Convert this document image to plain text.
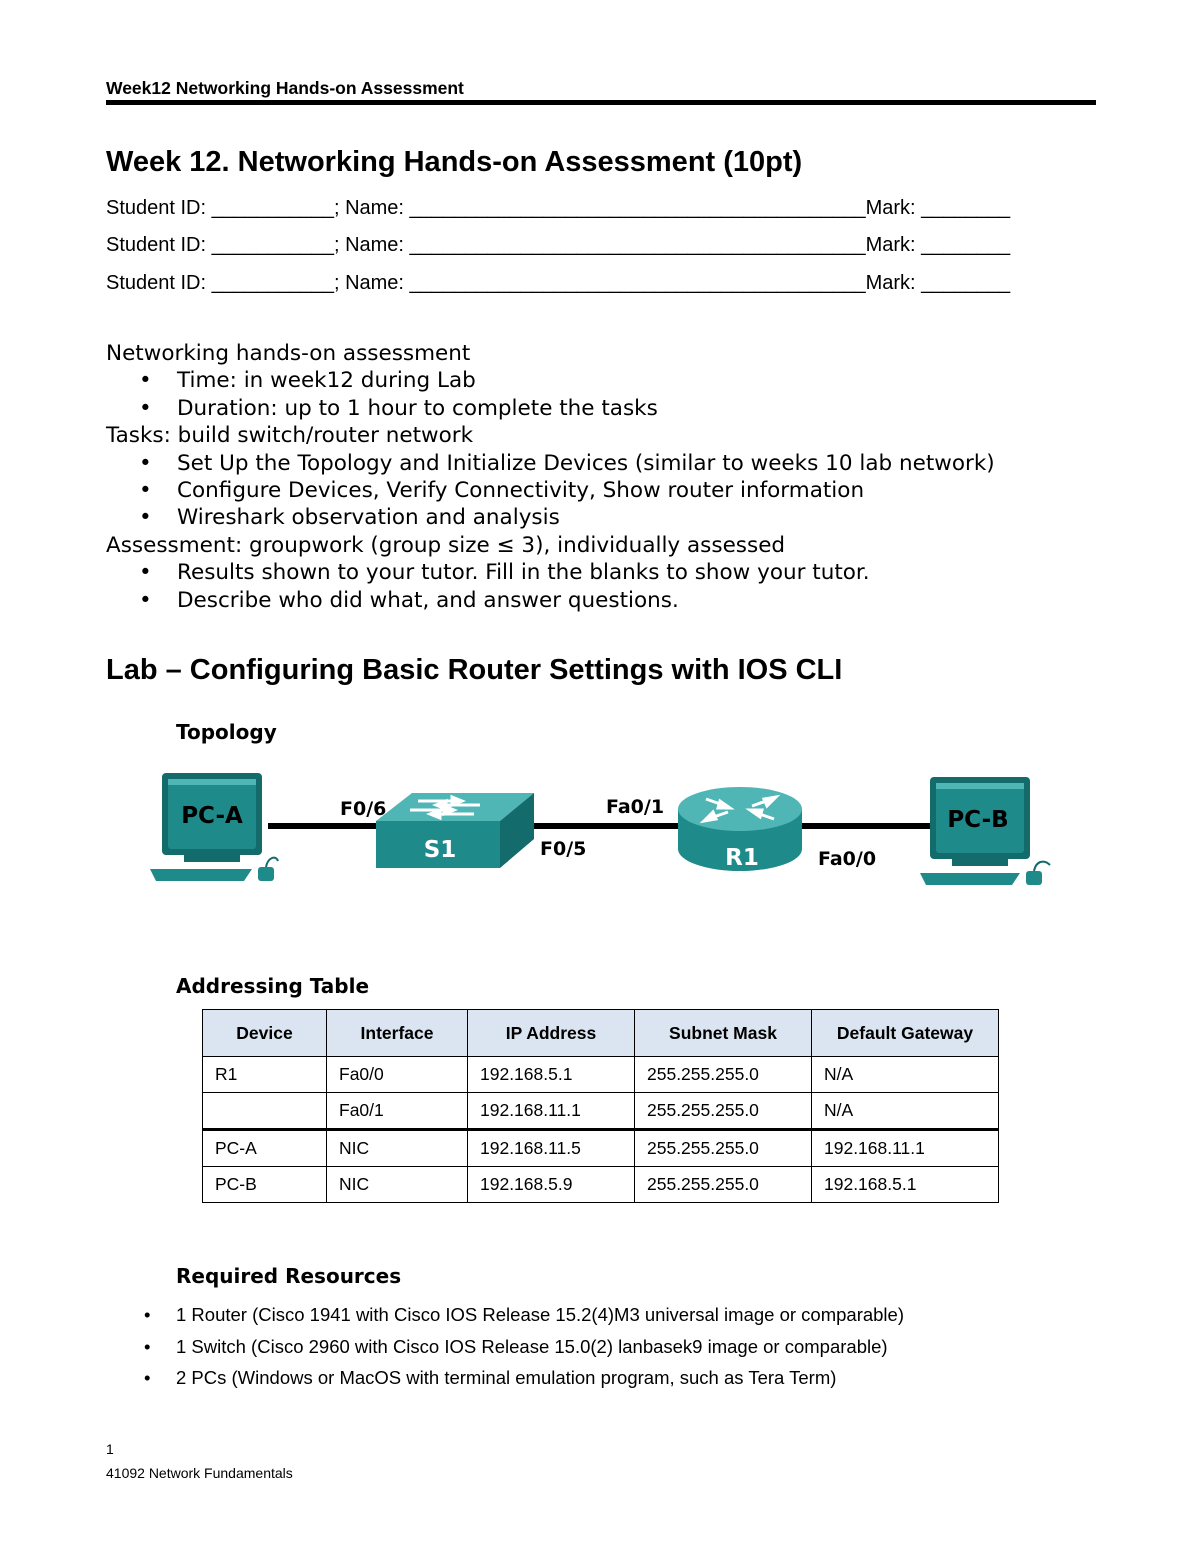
Week12 Networking Hands-on Assessment
Week 12. Networking Hands-on Assessment (10pt)
Student ID: ___________; Name: _________________________________________Mark: ________
Student ID: ___________; Name: _________________________________________Mark: ________
Student ID: ___________; Name: _________________________________________Mark: ________
Networking hands-on assessment
• Time: in week12 during Lab
• Duration: up to 1 hour to complete the tasks
Tasks: build switch/router network
• Set Up the Topology and Initialize Devices (similar to weeks 10 lab network)
• Configure Devices, Verify Connectivity, Show router information
• Wireshark observation and analysis
Assessment: groupwork (group size ≤ 3), individually assessed
• Results shown to your tutor. Fill in the blanks to show your tutor.
• Describe who did what, and answer questions.
Lab – Configuring Basic Router Settings with IOS CLI
Topology
PC-A
S1	R1
PC-B
F0/6
F0/5
Fa0/1
Fa0/0
Addressing Table
Device	Interface	IP Address	Subnet Mask	Default Gateway
R1	Fa0/0	192.168.5.1	255.255.255.0	N/A
	Fa0/1	192.168.11.1	255.255.255.0	N/A
PC-A	NIC	192.168.11.5	255.255.255.0	192.168.11.1
PC-B	NIC	192.168.5.9	255.255.255.0	192.168.5.1
Required Resources
• 1 Router (Cisco 1941 with Cisco IOS Release 15.2(4)M3 universal image or comparable)
• 1 Switch (Cisco 2960 with Cisco IOS Release 15.0(2) lanbasek9 image or comparable)
• 2 PCs (Windows or MacOS with terminal emulation program, such as Tera Term)
1
41092 Network Fundamentals
